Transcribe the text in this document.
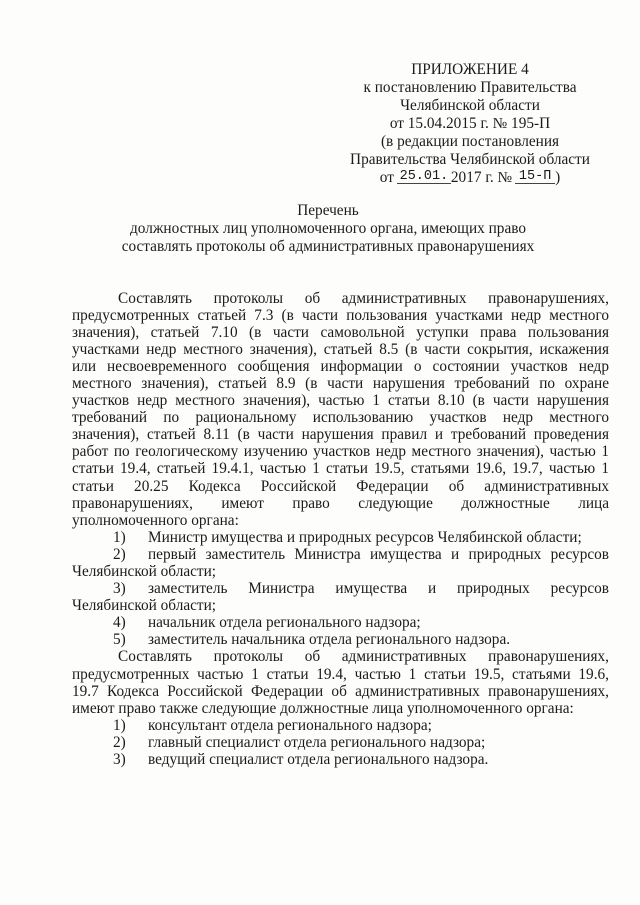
ПРИЛОЖЕНИЕ 4
к постановлению Правительства
Челябинской области
от 15.04.2015 г. № 195-П
(в редакции постановления
Правительства Челябинской области
от 25.01. 2017 г. № 15-П )
Перечень
должностных лиц уполномоченного органа, имеющих право
составлять протоколы об административных правонарушениях
Составлять протоколы об административных правонарушениях,
предусмотренных статьей 7.3 (в части пользования участками недр местного
значения), статьей 7.10 (в части самовольной уступки права пользования
участками недр местного значения), статьей 8.5 (в части сокрытия, искажения
или несвоевременного сообщения информации о состоянии участков недр
местного значения), статьей 8.9 (в части нарушения требований по охране
участков недр местного значения), частью 1 статьи 8.10 (в части нарушения
требований по рациональному использованию участков недр местного
значения), статьей 8.11 (в части нарушения правил и требований проведения
работ по геологическому изучению участков недр местного значения), частью 1
статьи 19.4, статьей 19.4.1, частью 1 статьи 19.5, статьями 19.6, 19.7, частью 1
статьи 20.25 Кодекса Российской Федерации об административных
правонарушениях, имеют право следующие должностные лица
уполномоченного органа:
1) Министр имущества и природных ресурсов Челябинской области;
2) первый заместитель Министра имущества и природных ресурсов
Челябинской области;
3) заместитель Министра имущества и природных ресурсов
Челябинской области;
4) начальник отдела регионального надзора;
5) заместитель начальника отдела регионального надзора.
Составлять протоколы об административных правонарушениях,
предусмотренных частью 1 статьи 19.4, частью 1 статьи 19.5, статьями 19.6,
19.7 Кодекса Российской Федерации об административных правонарушениях,
имеют право также следующие должностные лица уполномоченного органа:
1) консультант отдела регионального надзора;
2) главный специалист отдела регионального надзора;
3) ведущий специалист отдела регионального надзора.
